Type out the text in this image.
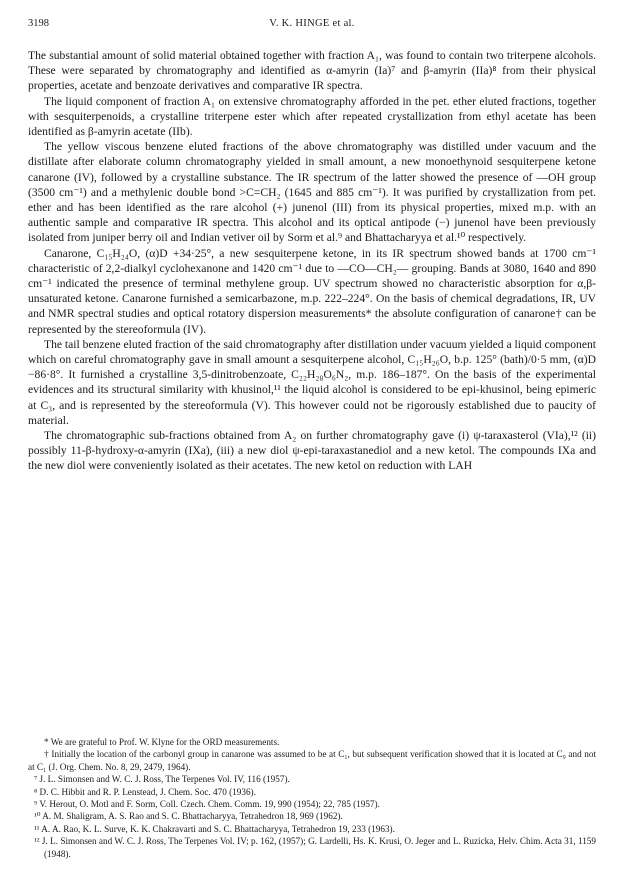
3198	V. K. HINGE et al.

The substantial amount of solid material obtained together with fraction A₁, was found to contain two triterpene alcohols. These were separated by chromatography and identified as α-amyrin (Ia)⁷ and β-amyrin (IIa)⁸ from their physical properties, acetate and benzoate derivatives and comparative IR spectra.

The liquid component of fraction A₁ on extensive chromatography afforded in the pet. ether eluted fractions, together with sesquiterpenoids, a crystalline triterpene ester which after repeated crystallization from ethyl acetate has been identified as β-amyrin acetate (IIb).

The yellow viscous benzene eluted fractions of the above chromatography was distilled under vacuum and the distillate after elaborate column chromatography yielded in small amount, a new monoethynoid sesquiterpene ketone canarone (IV), followed by a crystalline substance. The IR spectrum of the latter showed the presence of —OH group (3500 cm⁻¹) and a methylenic double bond >C=CH₂ (1645 and 885 cm⁻¹). It was purified by crystallization from pet. ether and has been identified as the rare alcohol (+) junenol (III) from its physical properties, mixed m.p. with an authentic sample and comparative IR spectra. This alcohol and its optical antipode (−) junenol have been previously isolated from juniper berry oil and Indian vetiver oil by Sorm et al.⁹ and Bhattacharyya et al.¹⁰ respectively.

Canarone, C₁₅H₂₄O, (α)D +34·25°, a new sesquiterpene ketone, in its IR spectrum showed bands at 1700 cm⁻¹ characteristic of 2,2-dialkyl cyclohexanone and 1420 cm⁻¹ due to —CO—CH₂— grouping. Bands at 3080, 1640 and 890 cm⁻¹ indicated the presence of terminal methylene group. UV spectrum showed no characteristic absorption for α,β-unsaturated ketone. Canarone furnished a semicarbazone, m.p. 222–224°. On the basis of chemical degradations, IR, UV and NMR spectral studies and optical rotatory dispersion measurements* the absolute configuration of canarone† can be represented by the stereoformula (IV).

The tail benzene eluted fraction of the said chromatography after distillation under vacuum yielded a liquid component which on careful chromatography gave in small amount a sesquiterpene alcohol, C₁₅H₂₆O, b.p. 125° (bath)/0·5 mm, (α)D −86·8°. It furnished a crystalline 3,5-dinitrobenzoate, C₂₂H₂₈O₆N₂, m.p. 186–187°. On the basis of the experimental evidences and its structural similarity with khusinol,¹¹ the liquid alcohol is considered to be epi-khusinol, being epimeric at C₃, and is represented by the stereoformula (V). This however could not be rigorously established due to paucity of material.

The chromatographic sub-fractions obtained from A₂ on further chromatography gave (i) ψ-taraxasterol (VIa),¹² (ii) possibly 11-β-hydroxy-α-amyrin (IXa), (iii) a new diol ψ-epi-taraxastanediol and a new ketol. The compounds IXa and the new diol were conveniently isolated as their acetates. The new ketol on reduction with LAH

* We are grateful to Prof. W. Klyne for the ORD measurements.

† Initially the location of the carbonyl group in canarone was assumed to be at C₁, but subsequent verification showed that it is located at C₉ and not at C₁ (J. Org. Chem. No. 8, 29, 2479, 1964).

⁷ J. L. Simonsen and W. C. J. Ross, The Terpenes Vol. IV, 116 (1957).

⁸ D. C. Hibbit and R. P. Lenstead, J. Chem. Soc. 470 (1936).

⁹ V. Herout, O. Motl and F. Sorm, Coll. Czech. Chem. Comm. 19, 990 (1954); 22, 785 (1957).

¹⁰ A. M. Shaligram, A. S. Rao and S. C. Bhattacharyya, Tetrahedron 18, 969 (1962).

¹¹ A. A. Rao, K. L. Surve, K. K. Chakravarti and S. C. Bhattacharyya, Tetrahedron 19, 233 (1963).

¹² J. L. Simonsen and W. C. J. Ross, The Terpenes Vol. IV; p. 162, (1957); G. Lardelli, Hs. K. Krusi, O. Jeger and L. Ruzicka, Helv. Chim. Acta 31, 1159 (1948).
